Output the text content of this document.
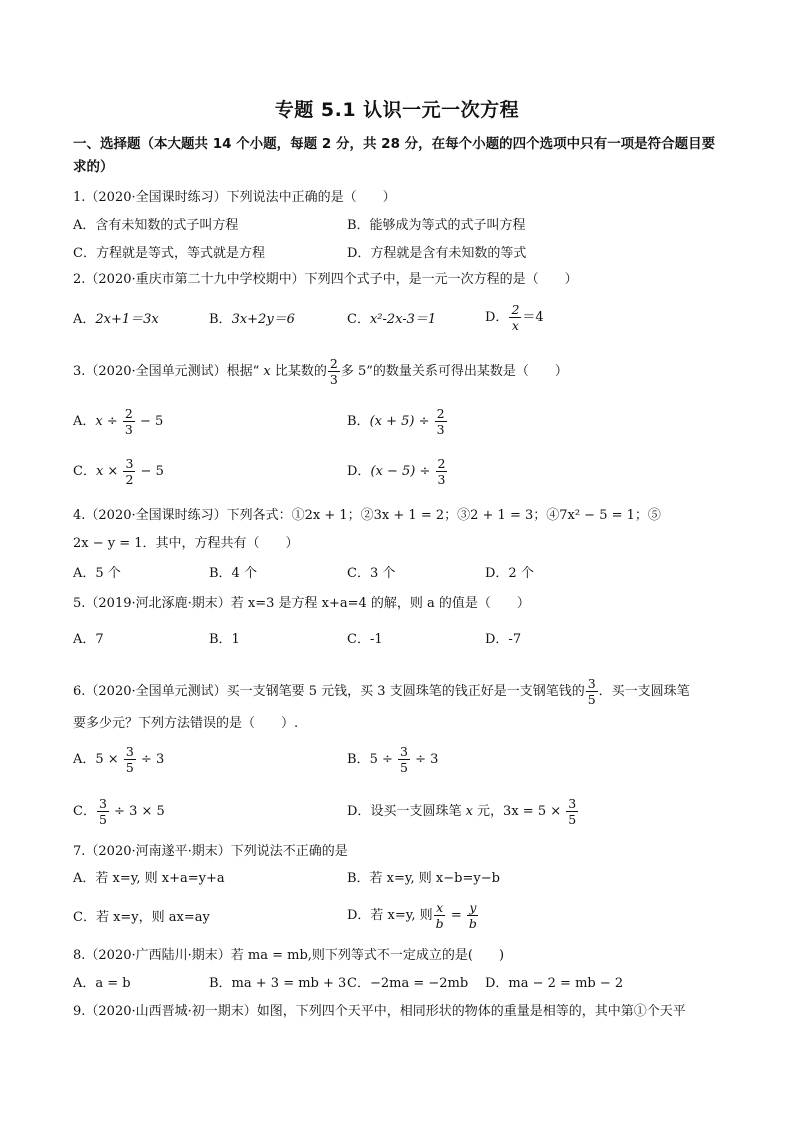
专题 5.1 认识一元一次方程
一、选择题（本大题共 14 个小题，每题 2 分，共 28 分，在每个小题的四个选项中只有一项是符合题目要
求的）
1.（2020·全国课时练习）下列说法中正确的是（　　）
A．含有未知数的式子叫方程	B．能够成为等式的式子叫方程
C．方程就是等式，等式就是方程	D．方程就是含有未知数的等式
2.（2020·重庆市第二十九中学校期中）下列四个式子中，是一元一次方程的是（　　）
A．2x+1＝3x	B．3x+2y＝6	C．x²-2x-3＝1	D． $\frac{2}{x} =4$
3.（2020·全国单元测试）根据“ x 比某数的 $\frac{2}{3}$ 多 5”的数量关系可得出某数是（　　）
A．$x \div \frac{2}{3} - 5$	B．$(x + 5) \div \frac{2}{3}$
C．$x \times \frac{3}{2} - 5$	D．$(x - 5) \div \frac{2}{3}$
4.（2020·全国课时练习）下列各式：①2x + 1；②3x + 1 = 2；③2 + 1 = 3；④7x² − 5 = 1；⑤
2x − y = 1．其中，方程共有（　　）
A．5 个	B．4 个	C．3 个	D．2 个
5.（2019·河北涿鹿·期末）若 x=3 是方程 x+a=4 的解，则 a 的值是（　　）
A．7	B．1	C．-1	D．-7
6.（2020·全国单元测试）买一支钢笔要 5 元钱，买 3 支圆珠笔的钱正好是一支钢笔钱的 $\frac{3}{5}$ ．买一支圆珠笔
要多少元？下列方法错误的是（　　）.
A．$5 \times \frac{3}{5} \div 3$	B．$5 \div \frac{3}{5} \div 3$
C． $\frac{3}{5} \div 3 \times 5$	D．设买一支圆珠笔 x 元，$3x = 5 \times \frac{3}{5}$
7.（2020·河南遂平·期末）下列说法不正确的是
A．若 x=y, 则 x+a=y+a	B．若 x=y, 则 x−b=y−b
C．若 x=y，则 ax=ay	D．若 x=y, 则 $\frac{x}{b} = \frac{y}{b}$
8.（2020·广西陆川·期末）若 ma = mb,则下列等式不一定成立的是(　　)
A．a = b	B．ma + 3 = mb + 3 C．−2ma = −2mb D．ma − 2 = mb − 2
9.（2020·山西晋城·初一期末）如图，下列四个天平中，相同形状的物体的重量是相等的，其中第①个天平
